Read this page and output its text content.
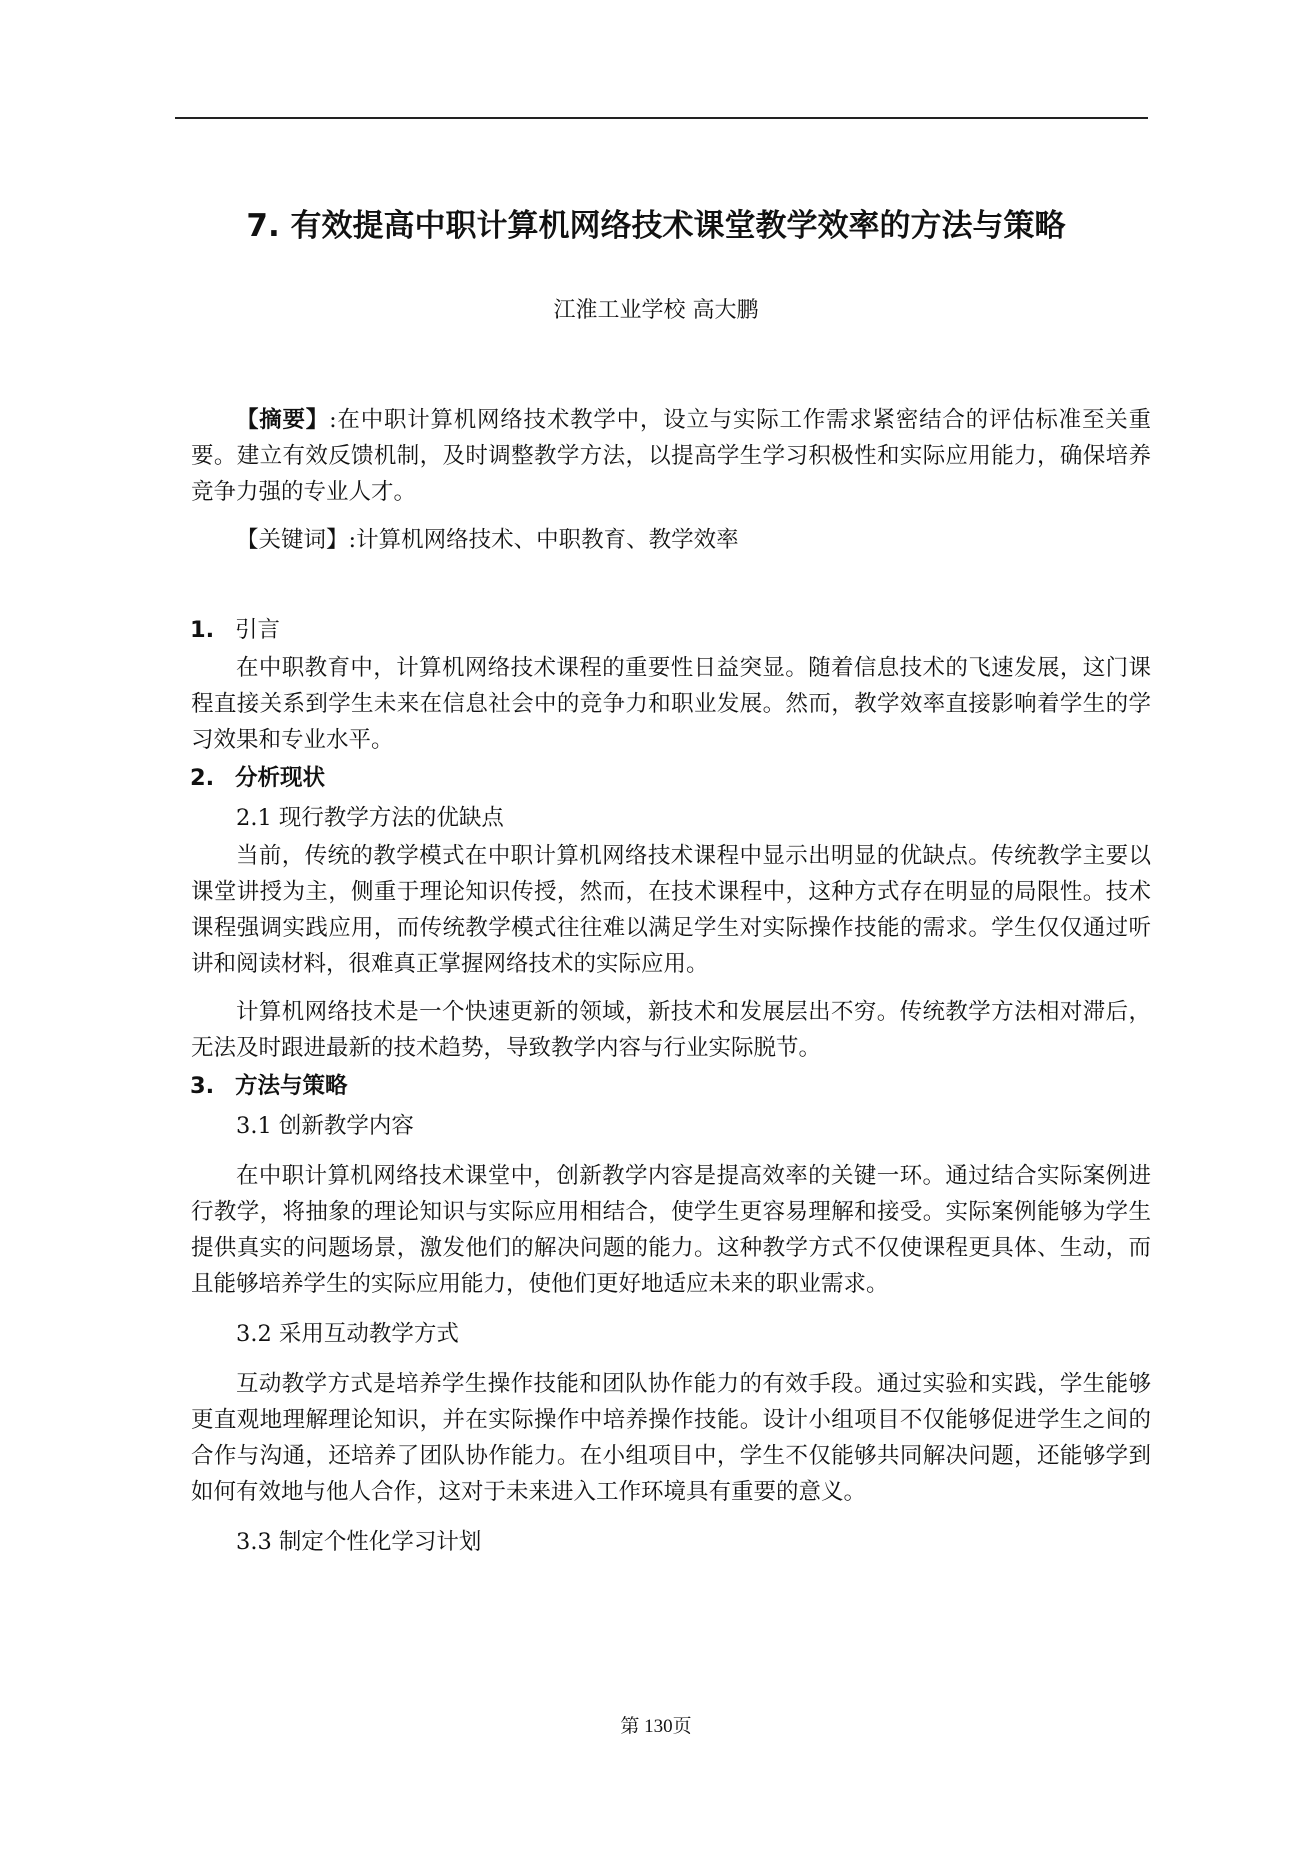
7. 有效提高中职计算机网络技术课堂教学效率的方法与策略
江淮工业学校 高大鹏

【摘要】:在中职计算机网络技术教学中，设立与实际工作需求紧密结合的评估标准至关重要。建立有效反馈机制，及时调整教学方法，以提高学生学习积极性和实际应用能力，确保培养竞争力强的专业人才。

【关键词】:计算机网络技术、中职教育、教学效率

1. 引言

在中职教育中，计算机网络技术课程的重要性日益突显。随着信息技术的飞速发展，这门课程直接关系到学生未来在信息社会中的竞争力和职业发展。然而，教学效率直接影响着学生的学习效果和专业水平。

2. 分析现状

2.1 现行教学方法的优缺点

当前，传统的教学模式在中职计算机网络技术课程中显示出明显的优缺点。传统教学主要以课堂讲授为主，侧重于理论知识传授，然而，在技术课程中，这种方式存在明显的局限性。技术课程强调实践应用，而传统教学模式往往难以满足学生对实际操作技能的需求。学生仅仅通过听讲和阅读材料，很难真正掌握网络技术的实际应用。

计算机网络技术是一个快速更新的领域，新技术和发展层出不穷。传统教学方法相对滞后，无法及时跟进最新的技术趋势，导致教学内容与行业实际脱节。

3. 方法与策略

3.1 创新教学内容

在中职计算机网络技术课堂中，创新教学内容是提高效率的关键一环。通过结合实际案例进行教学，将抽象的理论知识与实际应用相结合，使学生更容易理解和接受。实际案例能够为学生提供真实的问题场景，激发他们的解决问题的能力。这种教学方式不仅使课程更具体、生动，而且能够培养学生的实际应用能力，使他们更好地适应未来的职业需求。

3.2 采用互动教学方式

互动教学方式是培养学生操作技能和团队协作能力的有效手段。通过实验和实践，学生能够更直观地理解理论知识，并在实际操作中培养操作技能。设计小组项目不仅能够促进学生之间的合作与沟通，还培养了团队协作能力。在小组项目中，学生不仅能够共同解决问题，还能够学到如何有效地与他人合作，这对于未来进入工作环境具有重要的意义。

3.3 制定个性化学习计划

第 130页
